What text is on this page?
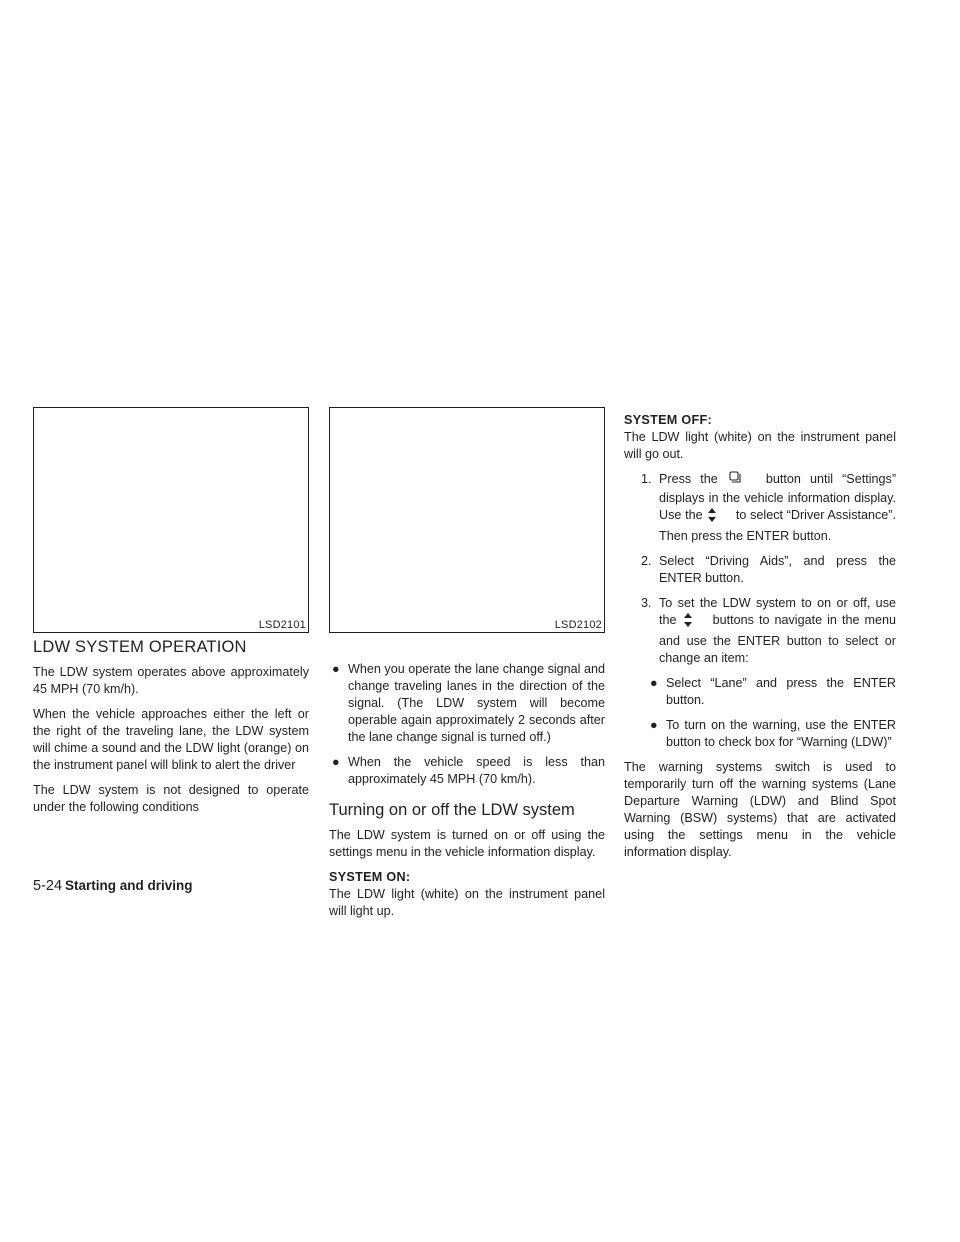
LSD2101	LSD2102
LDW SYSTEM OPERATION

The LDW system operates above approximately 45 MPH (70 km/h).

When the vehicle approaches either the left or the right of the traveling lane, the LDW system will chime a sound and the LDW light (orange) on the instrument panel will blink to alert the driver

The LDW system is not designed to operate under the following conditions

● When you operate the lane change signal and change traveling lanes in the direction of the signal. (The LDW system will become operable again approximately 2 seconds after the lane change signal is turned off.)
● When the vehicle speed is less than approximately 45 MPH (70 km/h).
Turning on or off the LDW system

The LDW system is turned on or off using the settings menu in the vehicle information display.

SYSTEM ON:

The LDW light (white) on the instrument panel will light up.

SYSTEM OFF:

The LDW light (white) on the instrument panel will go out.

1. Press the	button until “Settings” displays in the vehicle information display. Use the	to select “Driver Assistance”. Then press the ENTER button.
2. Select “Driving Aids”, and press the ENTER button.
3. To set the LDW system to on or off, use the	buttons to navigate in the menu and use the ENTER button to select or change an item:
● Select “Lane” and press the ENTER button.
● To turn on the warning, use the ENTER button to check box for “Warning (LDW)”

The warning systems switch is used to temporarily turn off the warning systems (Lane Departure Warning (LDW) and Blind Spot Warning (BSW) systems) that are activated using the settings menu in the vehicle information display.

5-24 Starting and driving
